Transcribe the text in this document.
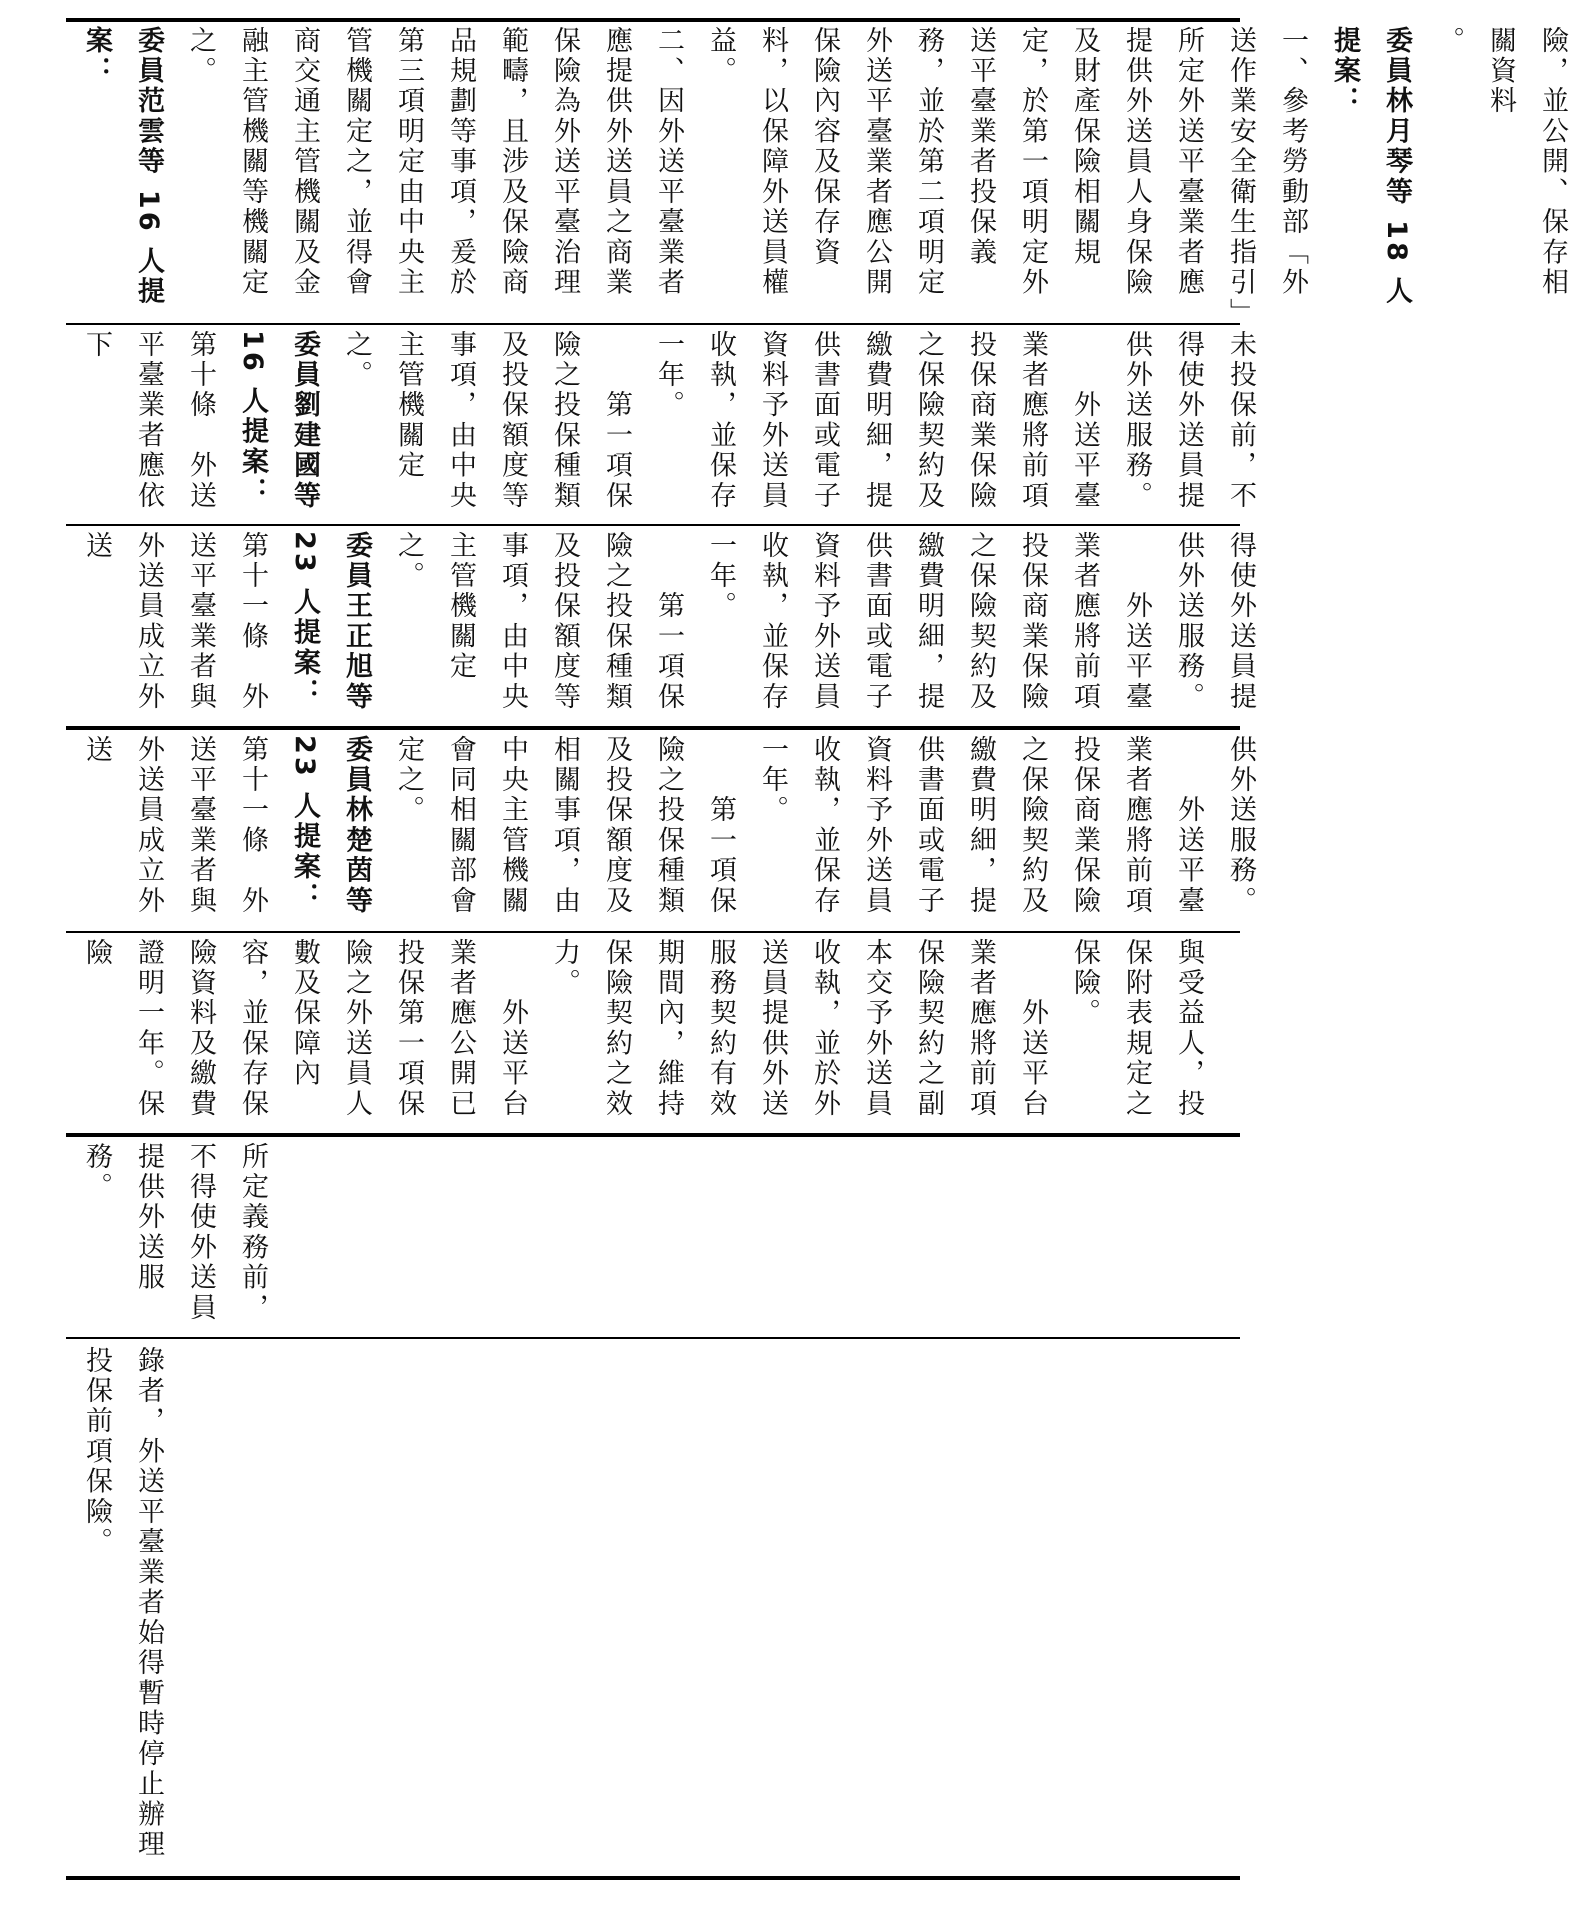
險，並公開、保存相關資料
。
委員林月琴等 18 人提案：
一、參考勞動部「外送作業安全衛生指引」所定外送平臺業者應提供外送員人身保險及財產保險相關規定，於第一項明定外送平臺業者投保義務，並於第二項明定外送平臺業者應公開保險內容及保存資料，以保障外送員權益。
二、因外送平臺業者應提供外送員之商業保險為外送平臺治理範疇，且涉及保險商品規劃等事項，爰於第三項明定由中央主管機關定之，並得會商交通主管機關及金融主管機關等機關定之。
委員范雲等 16 人提案：
未投保前，不得使外送員提供外送服務。
　　外送平臺業者應將前項投保商業保險之保險契約及繳費明細，提供書面或電子資料予外送員收執，並保存一年。
　　第一項保險之投保種類及投保額度等事項，由中央主管機關定之。
委員劉建國等 16 人提案：
第十條　外送平臺業者應依下
得使外送員提供外送服務。
　　外送平臺業者應將前項投保商業保險之保險契約及繳費明細，提供書面或電子資料予外送員收執，並保存一年。
　　第一項保險之投保種類及投保額度等事項，由中央主管機關定之。
委員王正旭等 23 人提案：
第十一條　外送平臺業者與外送員成立外送
供外送服務。
　　外送平臺業者應將前項投保商業保險之保險契約及繳費明細，提供書面或電子資料予外送員收執，並保存一年。
　　第一項保險之投保種類及投保額度及相關事項，由中央主管機關會同相關部會定之。
委員林楚茵等 23 人提案：
第十一條　外送平臺業者與外送員成立外送
與受益人，投保附表規定之保險。
　　外送平台業者應將前項保險契約之副本交予外送員收執，並於外送員提供外送服務契約有效期間內，維持保險契約之效力。
　　外送平台業者應公開已投保第一項保險之外送員人數及保障內容，並保存保險資料及繳費證明一年。保險
所定義務前，不得使外送員提供外送服務。
錄者，外送平臺業者始得暫時停止辦理投保前項保險。
